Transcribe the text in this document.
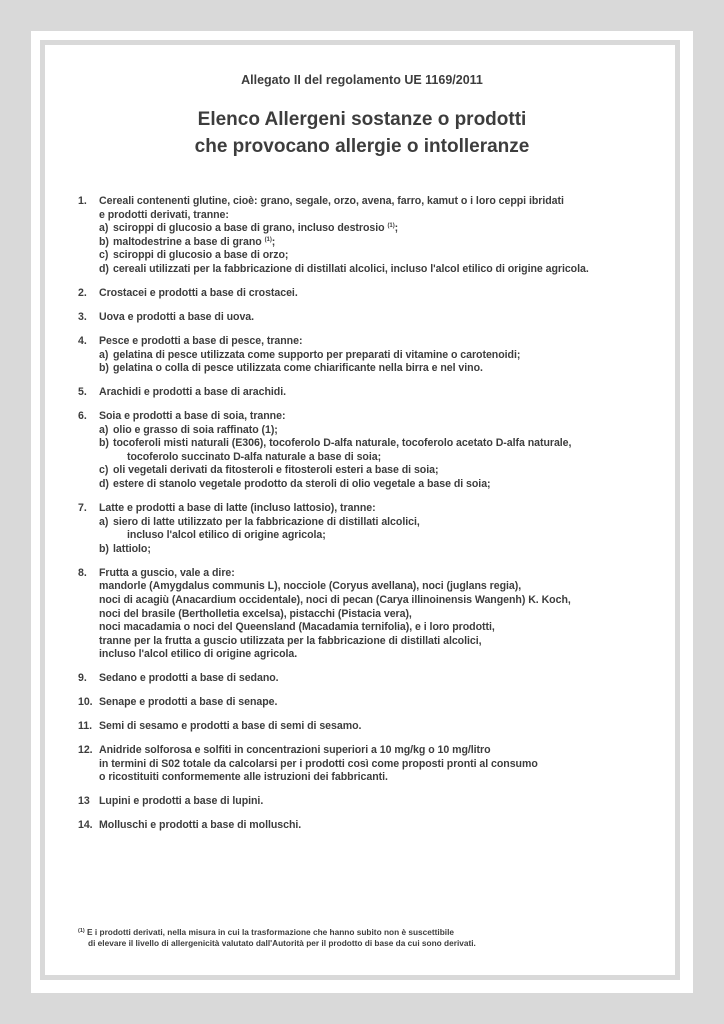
Allegato II del regolamento UE 1169/2011
Elenco Allergeni sostanze o prodotti
che provocano allergie o intolleranze
1. Cereali contenenti glutine, cioè: grano, segale, orzo, avena, farro, kamut o i loro ceppi ibridati
e prodotti derivati, tranne:
a) sciroppi di glucosio a base di grano, incluso destrosio $^{(1)}$;
b) maltodestrine a base di grano $^{(1)}$;
c) sciroppi di glucosio a base di orzo;
d) cereali utilizzati per la fabbricazione di distillati alcolici, incluso l'alcol etilico di origine agricola.
2. Crostacei e prodotti a base di crostacei.
3. Uova e prodotti a base di uova.
4. Pesce e prodotti a base di pesce, tranne:
a) gelatina di pesce utilizzata come supporto per preparati di vitamine o carotenoidi;
b) gelatina o colla di pesce utilizzata come chiarificante nella birra e nel vino.
5. Arachidi e prodotti a base di arachidi.
6. Soia e prodotti a base di soia, tranne:
a) olio e grasso di soia raffinato (1);
b) tocoferoli misti naturali (E306), tocoferolo D-alfa naturale, tocoferolo acetato D-alfa naturale,
tocoferolo succinato D-alfa naturale a base di soia;
c) oli vegetali derivati da fitosteroli e fitosteroli esteri a base di soia;
d) estere di stanolo vegetale prodotto da steroli di olio vegetale a base di soia;
7. Latte e prodotti a base di latte (incluso lattosio), tranne:
a) siero di latte utilizzato per la fabbricazione di distillati alcolici,
incluso l'alcol etilico di origine agricola;
b) lattiolo;
8. Frutta a guscio, vale a dire:
mandorle (Amygdalus communis L), nocciole (Coryus avellana), noci (juglans regia),
noci di acagiù (Anacardium occidentale), noci di pecan (Carya illinoinensis Wangenh) K. Koch,
noci del brasile (Bertholletia excelsa), pistacchi (Pistacia vera),
noci macadamia o noci del Queensland (Macadamia ternifolia), e i loro prodotti,
tranne per la frutta a guscio utilizzata per la fabbricazione di distillati alcolici,
incluso l'alcol etilico di origine agricola.
9. Sedano e prodotti a base di sedano.
10. Senape e prodotti a base di senape.
11. Semi di sesamo e prodotti a base di semi di sesamo.
12. Anidride solforosa e solfiti in concentrazioni superiori a 10 mg/kg o 10 mg/litro
in termini di S02 totale da calcolarsi per i prodotti così come proposti pronti al consumo
o ricostituiti conformemente alle istruzioni dei fabbricanti.
13 Lupini e prodotti a base di lupini.
14. Molluschi e prodotti a base di molluschi.
$^{(1)}$ E i prodotti derivati, nella misura in cui la trasformazione che hanno subito non è suscettibile
di elevare il livello di allergenicità valutato dall'Autorità per il prodotto di base da cui sono derivati.
